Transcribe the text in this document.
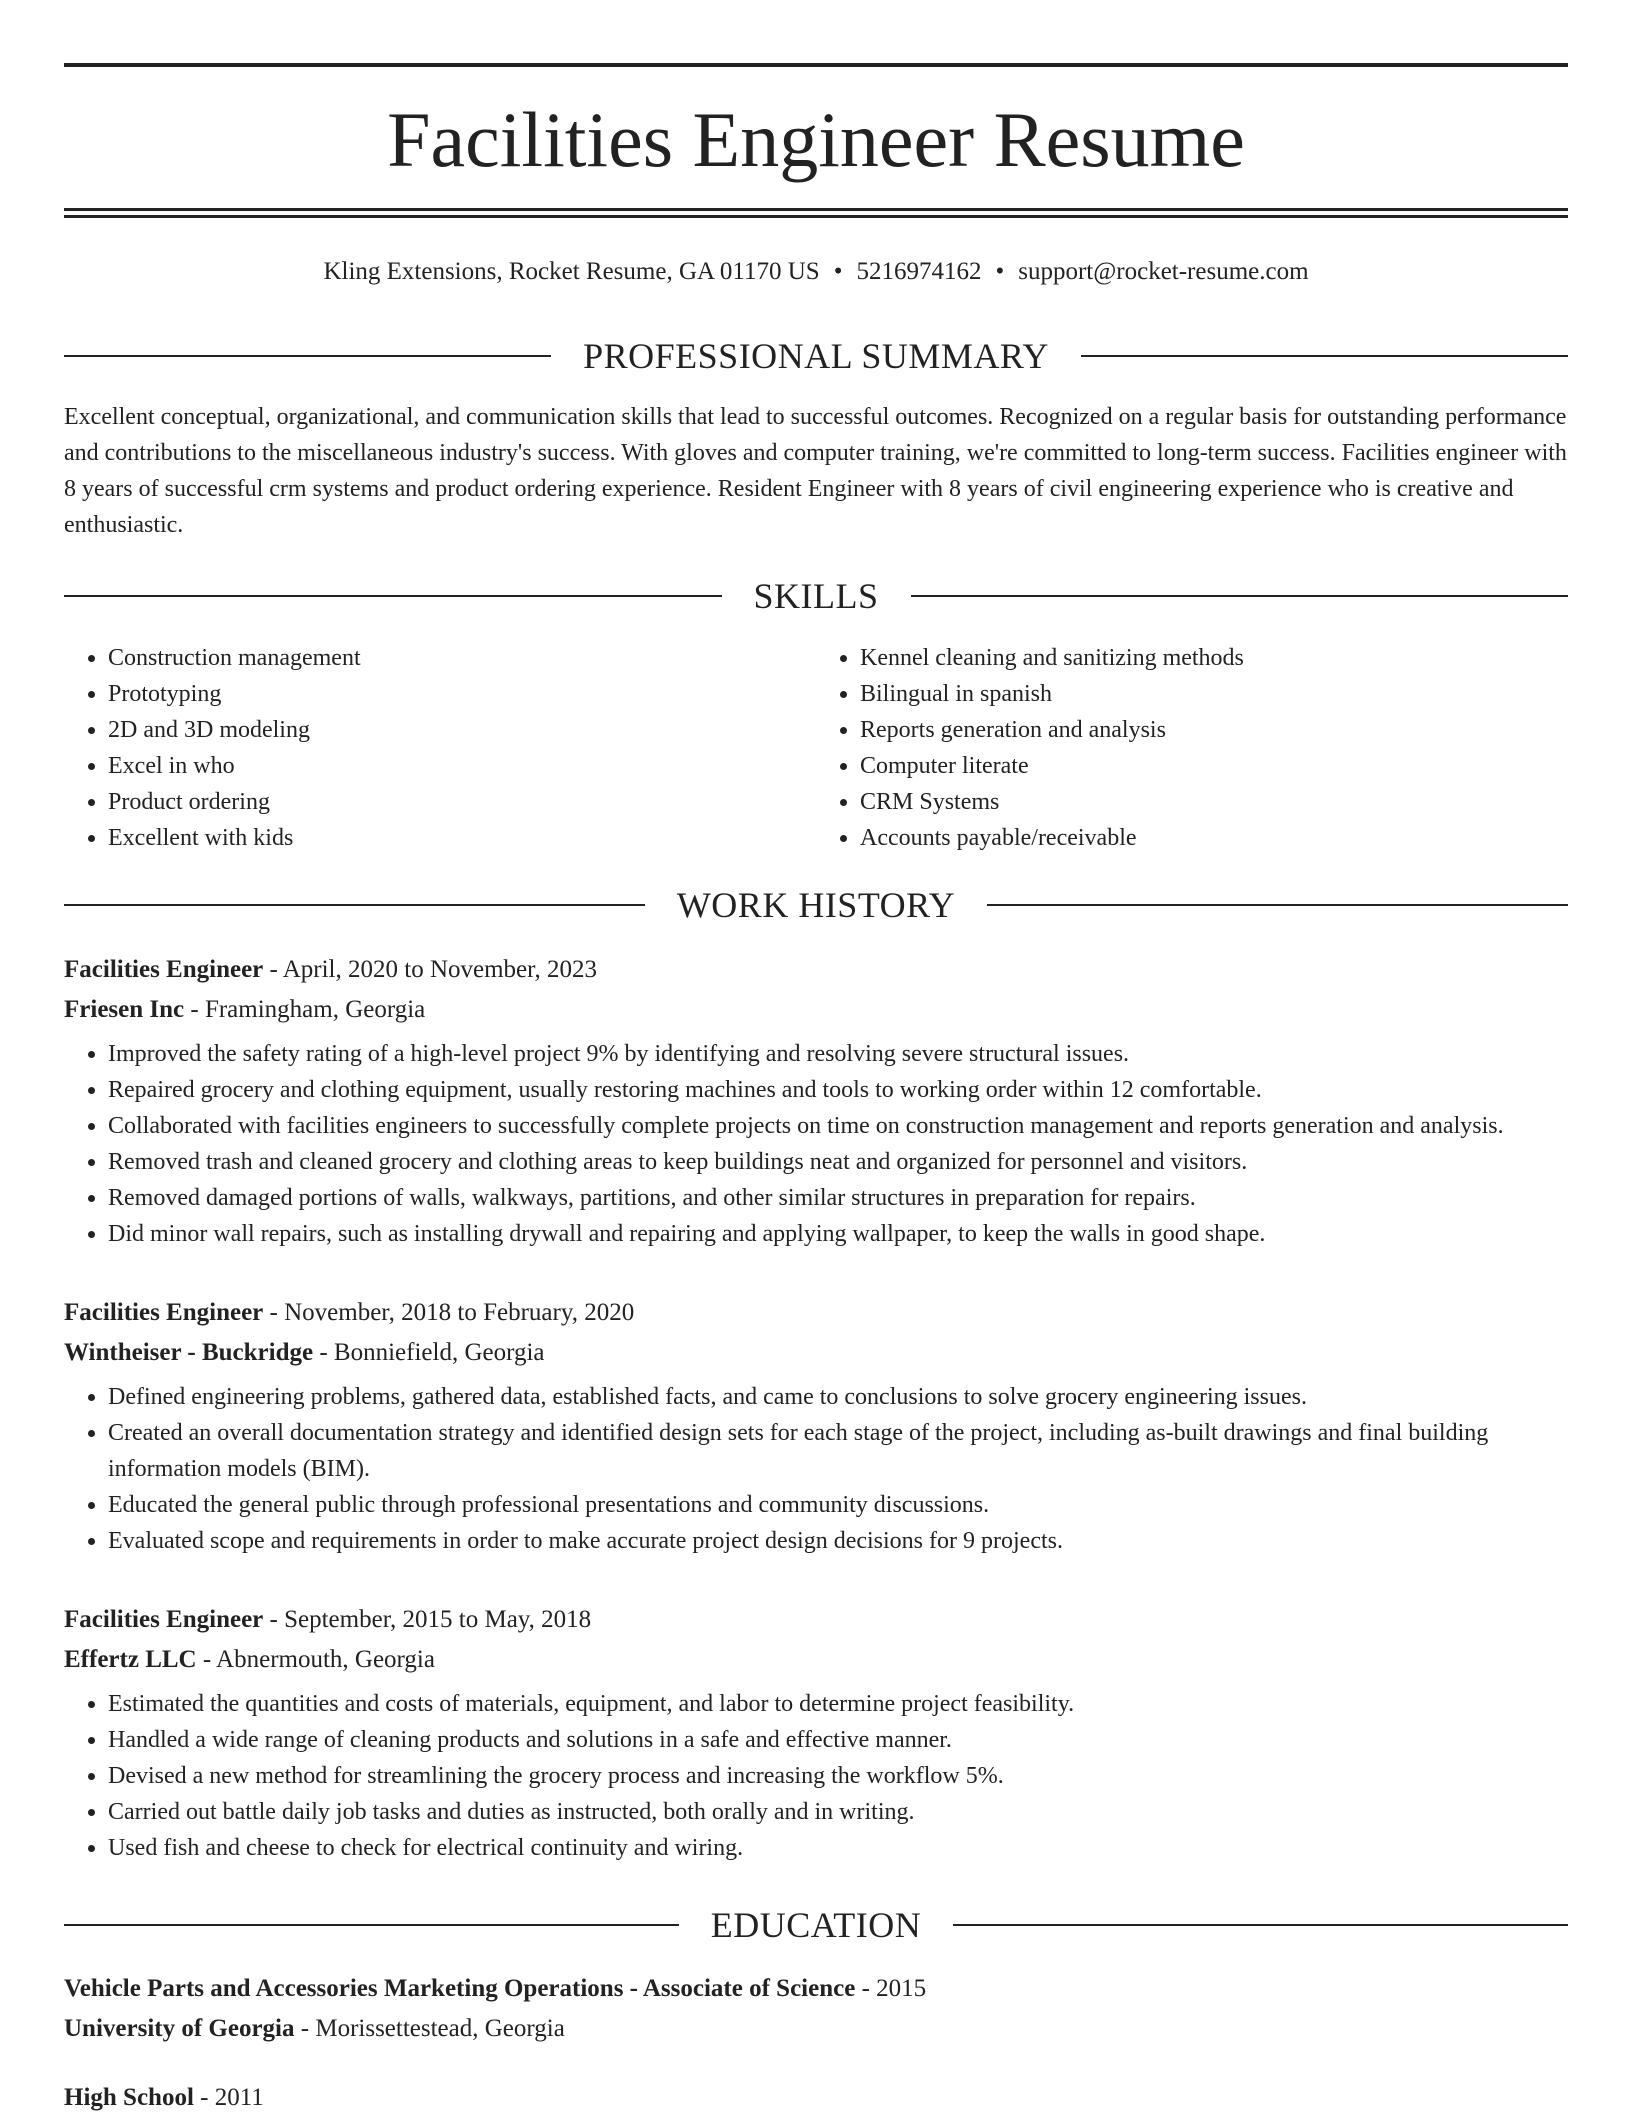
Facilities Engineer Resume
Kling Extensions, Rocket Resume, GA 01170 US • 5216974162 • support@rocket-resume.com
PROFESSIONAL SUMMARY
Excellent conceptual, organizational, and communication skills that lead to successful outcomes. Recognized on a regular basis for outstanding performance and contributions to the miscellaneous industry's success. With gloves and computer training, we're committed to long-term success. Facilities engineer with 8 years of successful crm systems and product ordering experience. Resident Engineer with 8 years of civil engineering experience who is creative and enthusiastic.
SKILLS
• Construction management
• Prototyping
• 2D and 3D modeling
• Excel in who
• Product ordering
• Excellent with kids
• Kennel cleaning and sanitizing methods
• Bilingual in spanish
• Reports generation and analysis
• Computer literate
• CRM Systems
• Accounts payable/receivable
WORK HISTORY
Facilities Engineer - April, 2020 to November, 2023
Friesen Inc - Framingham, Georgia
• Improved the safety rating of a high-level project 9% by identifying and resolving severe structural issues.
• Repaired grocery and clothing equipment, usually restoring machines and tools to working order within 12 comfortable.
• Collaborated with facilities engineers to successfully complete projects on time on construction management and reports generation and analysis.
• Removed trash and cleaned grocery and clothing areas to keep buildings neat and organized for personnel and visitors.
• Removed damaged portions of walls, walkways, partitions, and other similar structures in preparation for repairs.
• Did minor wall repairs, such as installing drywall and repairing and applying wallpaper, to keep the walls in good shape.
Facilities Engineer - November, 2018 to February, 2020
Wintheiser - Buckridge - Bonniefield, Georgia
• Defined engineering problems, gathered data, established facts, and came to conclusions to solve grocery engineering issues.
• Created an overall documentation strategy and identified design sets for each stage of the project, including as-built drawings and final building information models (BIM).
• Educated the general public through professional presentations and community discussions.
• Evaluated scope and requirements in order to make accurate project design decisions for 9 projects.
Facilities Engineer - September, 2015 to May, 2018
Effertz LLC - Abnermouth, Georgia
• Estimated the quantities and costs of materials, equipment, and labor to determine project feasibility.
• Handled a wide range of cleaning products and solutions in a safe and effective manner.
• Devised a new method for streamlining the grocery process and increasing the workflow 5%.
• Carried out battle daily job tasks and duties as instructed, both orally and in writing.
• Used fish and cheese to check for electrical continuity and wiring.
EDUCATION
Vehicle Parts and Accessories Marketing Operations - Associate of Science - 2015
University of Georgia - Morissettestead, Georgia
High School - 2011
